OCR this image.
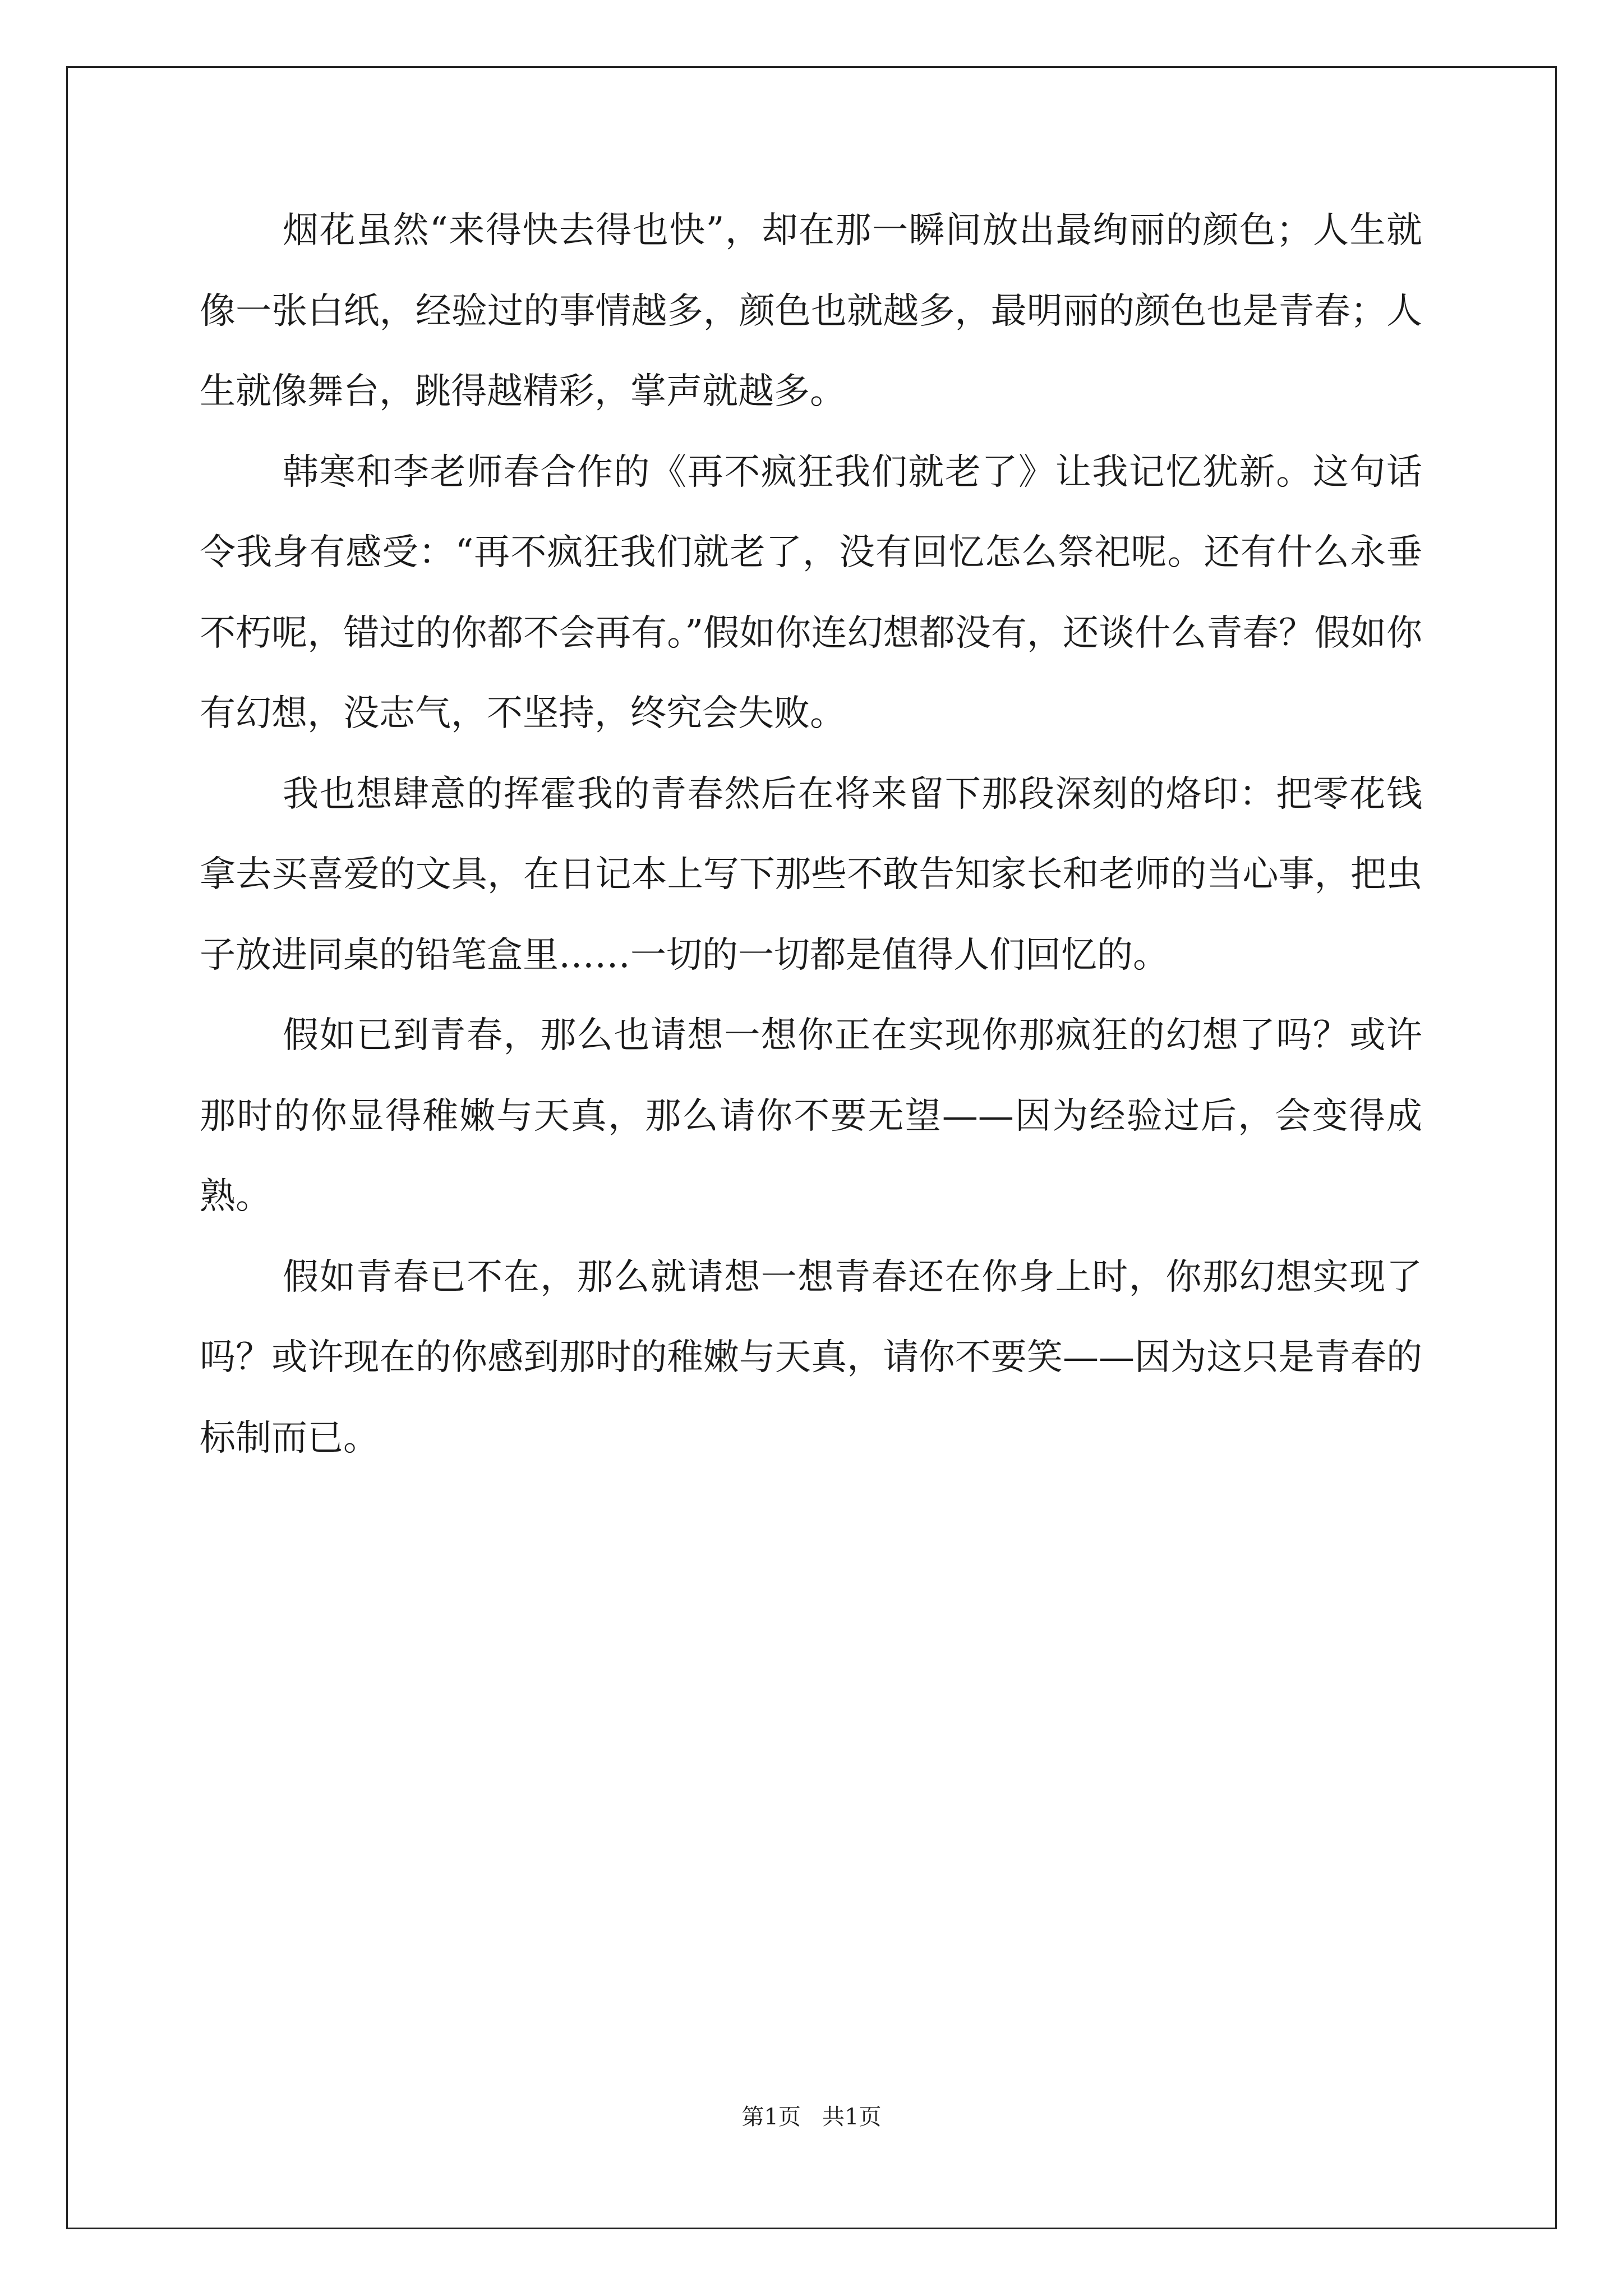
烟花虽然“来得快去得也快”，却在那一瞬间放出最绚丽的颜色；人生就像一张白纸，经验过的事情越多，颜色也就越多，最明丽的颜色也是青春；人生就像舞台，跳得越精彩，掌声就越多。

韩寒和李老师春合作的《再不疯狂我们就老了》让我记忆犹新。这句话令我身有感受：“再不疯狂我们就老了，没有回忆怎么祭祀呢。还有什么永垂不朽呢，错过的你都不会再有。”假如你连幻想都没有，还谈什么青春？假如你有幻想，没志气，不坚持，终究会失败。

我也想肆意的挥霍我的青春然后在将来留下那段深刻的烙印：把零花钱拿去买喜爱的文具，在日记本上写下那些不敢告知家长和老师的当心事，把虫子放进同桌的铅笔盒里……一切的一切都是值得人们回忆的。

假如已到青春，那么也请想一想你正在实现你那疯狂的幻想了吗？或许那时的你显得稚嫩与天真，那么请你不要无望——因为经验过后，会变得成熟。

假如青春已不在，那么就请想一想青春还在你身上时，你那幻想实现了吗？或许现在的你感到那时的稚嫩与天真，请你不要笑——因为这只是青春的标制而已。

第1页   共1页
